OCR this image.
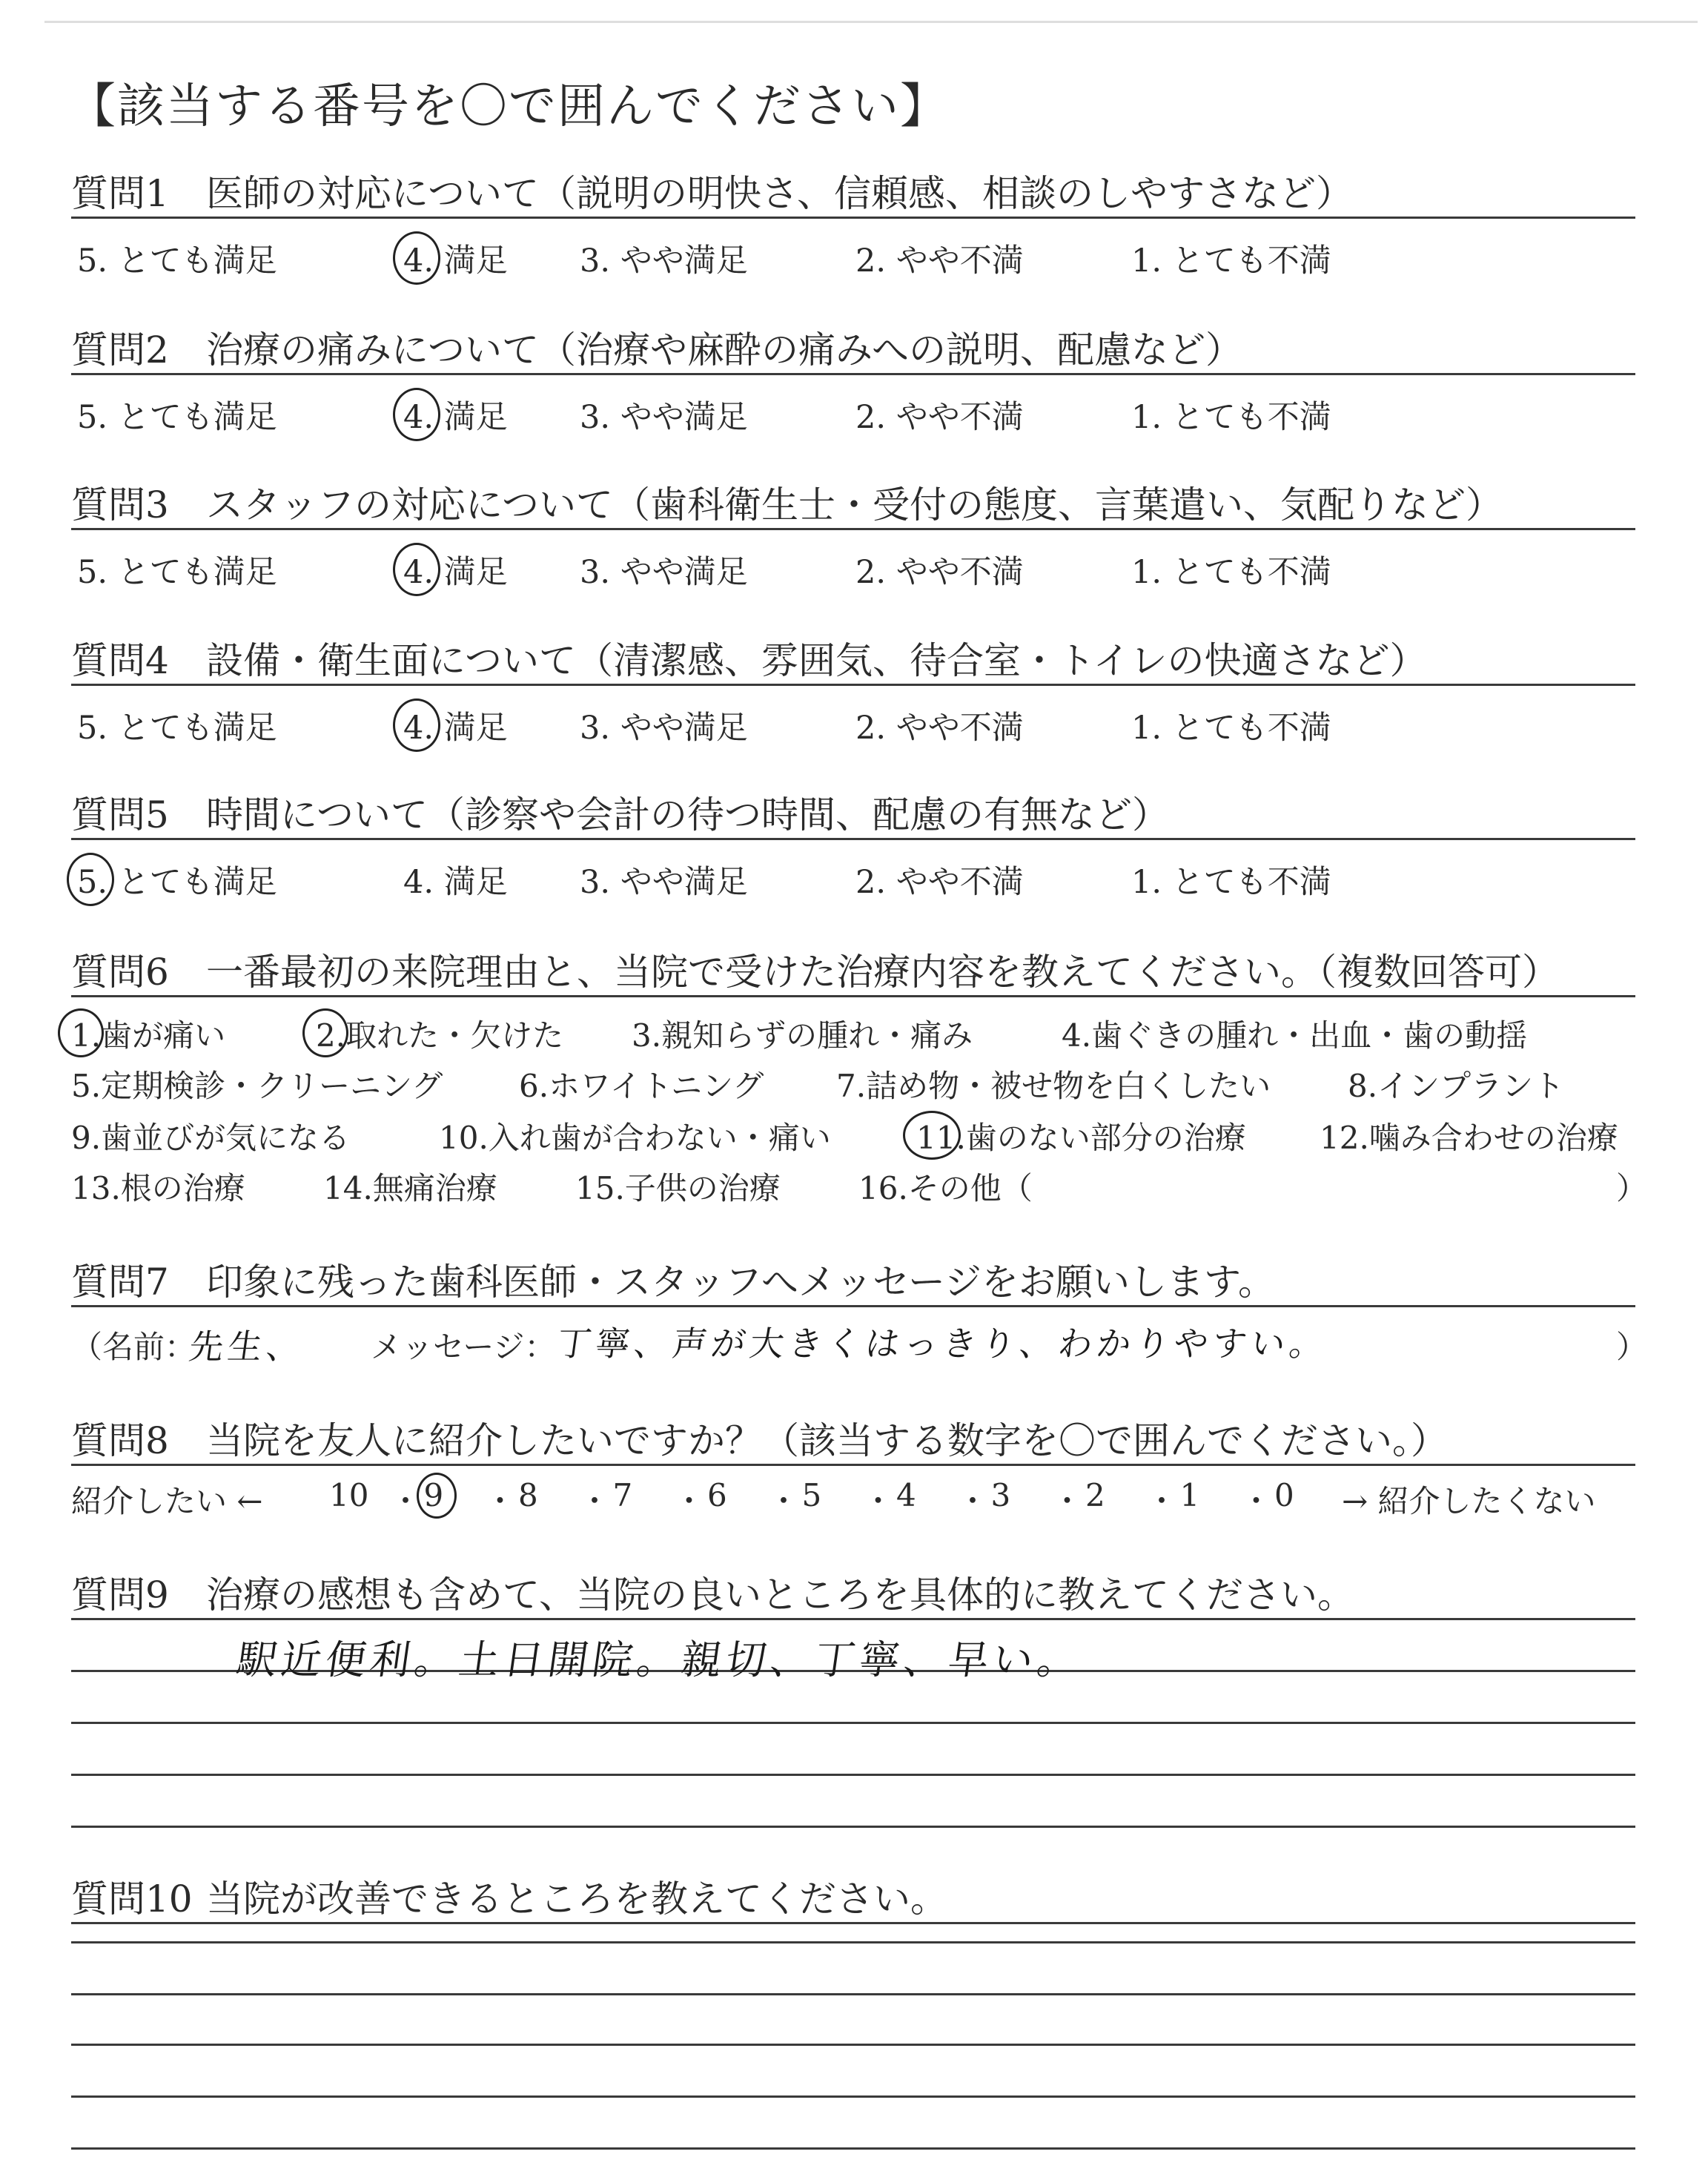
【該当する番号を〇で囲んでください】
質問1 医師の対応について（説明の明快さ、信頼感、相談のしやすさなど）
5. とても満足	4. 満足 3. やや満足	2. やや不満	1. とても不満
質問2 治療の痛みについて（治療や麻酔の痛みへの説明、配慮など）
5. とても満足	4. 満足 3. やや満足	2. やや不満	1. とても不満
質問3 スタッフの対応について（歯科衛生士・受付の態度、言葉遣い、気配りなど）
5. とても満足	4. 満足 3. やや満足	2. やや不満	1. とても不満
質問4 設備・衛生面について（清潔感、雰囲気、待合室・トイレの快適さなど）
5. とても満足	4. 満足 3. やや満足	2. やや不満	1. とても不満
質問5 時間について（診察や会計の待つ時間、配慮の有無など）
5. とても満足	4. 満足 3. やや満足	2. やや不満	1. とても不満
質問6 一番最初の来院理由と、当院で受けた治療内容を教えてください。（複数回答可）
1.歯が痛い	2.取れた・欠けた 3.親知らずの腫れ・痛み	4.歯ぐきの腫れ・出血・歯の動揺
5.定期検診・クリーニング 6.ホワイトニング 7.詰め物・被せ物を白くしたい 8.インプラント
9.歯並びが気になる	10.入れ歯が合わない・痛い	11.歯のない部分の治療 12.噛み合わせの治療
13.根の治療	14.無痛治療	15.子供の治療	16.その他（	）
質問7 印象に残った歯科医師・スタッフへメッセージをお願いします。
（名前：
先生、 メッセージ：
丁寧、声が大きくはっきり、わかりやすい。	）
質問8 当院を友人に紹介したいですか？（該当する数字を〇で囲んでください。）
紹介したい ←	→ 紹介したくない
10 ・ 9 ・ 8 ・ 7 ・ 6 ・ 5 ・ 4 ・ 3 ・ 2 ・ 1 ・ 0
質問9 治療の感想も含めて、当院の良いところを具体的に教えてください。
駅近便利。土日開院。親切、丁寧、早い。
質問10 当院が改善できるところを教えてください。
